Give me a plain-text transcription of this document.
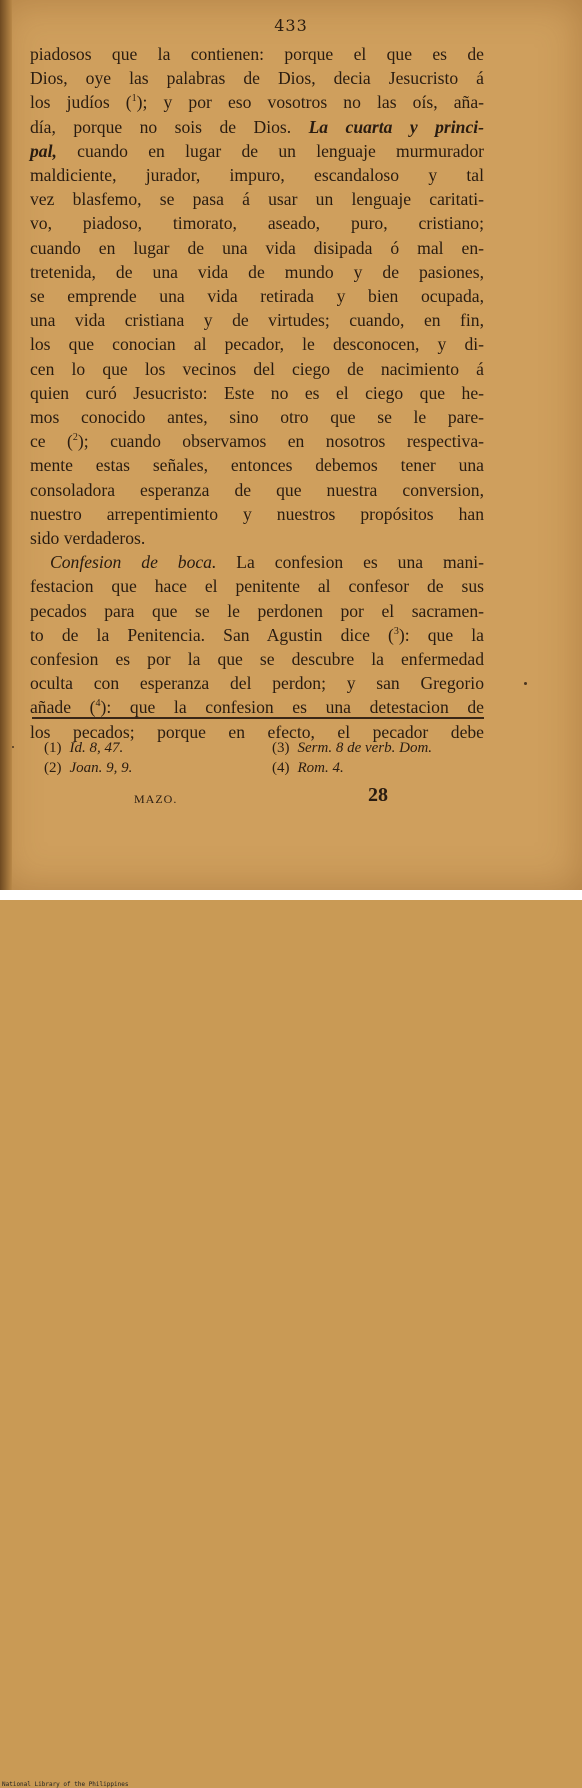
433
piadosos que la contienen: porque el que es de
Dios, oye las palabras de Dios, decia Jesucristo á
los judíos ($^1$); y por eso vosotros no las oís, aña-
día, porque no sois de Dios. La cuarta y princi-
pal, cuando en lugar de un lenguaje murmurador
maldiciente, jurador, impuro, escandaloso y tal
vez blasfemo, se pasa á usar un lenguaje caritati-
vo, piadoso, timorato, aseado, puro, cristiano;
cuando en lugar de una vida disipada ó mal en-
tretenida, de una vida de mundo y de pasiones,
se emprende una vida retirada y bien ocupada,
una vida cristiana y de virtudes; cuando, en fin,
los que conocian al pecador, le desconocen, y di-
cen lo que los vecinos del ciego de nacimiento á
quien curó Jesucristo: Este no es el ciego que he-
mos conocido antes, sino otro que se le pare-
ce ($^2$); cuando observamos en nosotros respectiva-
mente estas señales, entonces debemos tener una
consoladora esperanza de que nuestra conversion,
nuestro arrepentimiento y nuestros propósitos han
sido verdaderos.
Confesion de boca. La confesion es una mani-
festacion que hace el penitente al confesor de sus
pecados para que se le perdonen por el sacramen-
to de la Penitencia. San Agustin dice ($^3$): que la
confesion es por la que se descubre la enfermedad
oculta con esperanza del perdon; y san Gregorio
añade ($^4$): que la confesion es una detestacion de
los pecados; porque en efecto, el pecador debe
(1) Id. 8, 47.
(2) Joan. 9, 9.
(3) Serm. 8 de verb. Dom.
(4) Rom. 4.
MAZO.	28
National Library of the Philippines
